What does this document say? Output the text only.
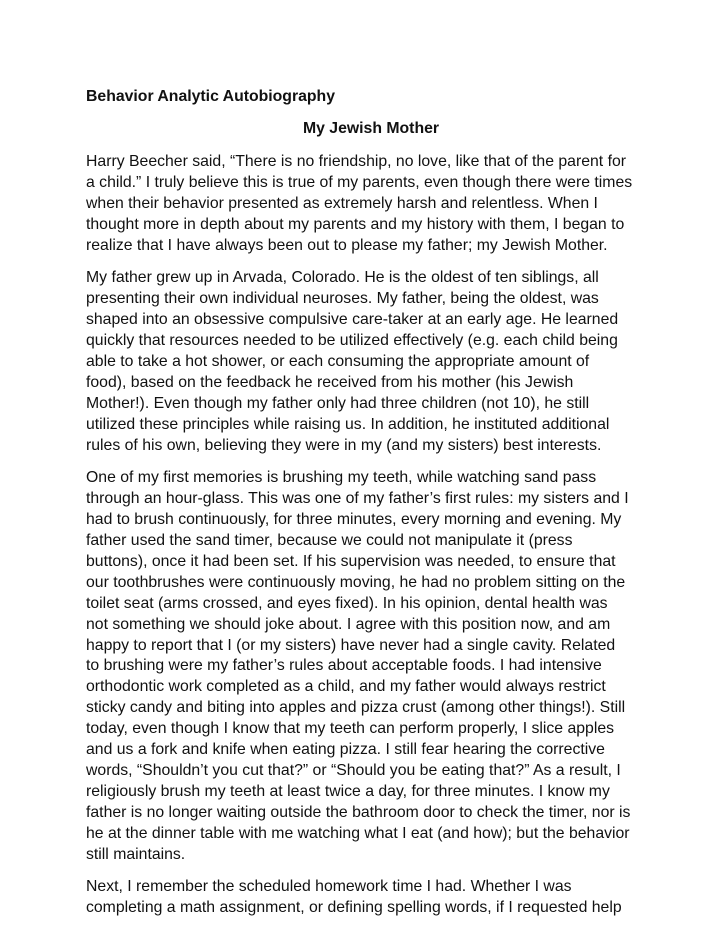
Behavior Analytic Autobiography
My Jewish Mother
Harry Beecher said, “There is no friendship, no love, like that of the parent for
a child.” I truly believe this is true of my parents, even though there were times
when their behavior presented as extremely harsh and relentless. When I
thought more in depth about my parents and my history with them, I began to
realize that I have always been out to please my father; my Jewish Mother.
My father grew up in Arvada, Colorado. He is the oldest of ten siblings, all
presenting their own individual neuroses. My father, being the oldest, was
shaped into an obsessive compulsive care-taker at an early age. He learned
quickly that resources needed to be utilized effectively (e.g. each child being
able to take a hot shower, or each consuming the appropriate amount of
food), based on the feedback he received from his mother (his Jewish
Mother!). Even though my father only had three children (not 10), he still
utilized these principles while raising us. In addition, he instituted additional
rules of his own, believing they were in my (and my sisters) best interests.
One of my first memories is brushing my teeth, while watching sand pass
through an hour-glass. This was one of my father’s first rules: my sisters and I
had to brush continuously, for three minutes, every morning and evening. My
father used the sand timer, because we could not manipulate it (press
buttons), once it had been set. If his supervision was needed, to ensure that
our toothbrushes were continuously moving, he had no problem sitting on the
toilet seat (arms crossed, and eyes fixed). In his opinion, dental health was
not something we should joke about. I agree with this position now, and am
happy to report that I (or my sisters) have never had a single cavity. Related
to brushing were my father’s rules about acceptable foods. I had intensive
orthodontic work completed as a child, and my father would always restrict
sticky candy and biting into apples and pizza crust (among other things!). Still
today, even though I know that my teeth can perform properly, I slice apples
and us a fork and knife when eating pizza. I still fear hearing the corrective
words, “Shouldn’t you cut that?” or “Should you be eating that?” As a result, I
religiously brush my teeth at least twice a day, for three minutes. I know my
father is no longer waiting outside the bathroom door to check the timer, nor is
he at the dinner table with me watching what I eat (and how); but the behavior
still maintains.
Next, I remember the scheduled homework time I had. Whether I was
completing a math assignment, or defining spelling words, if I requested help
